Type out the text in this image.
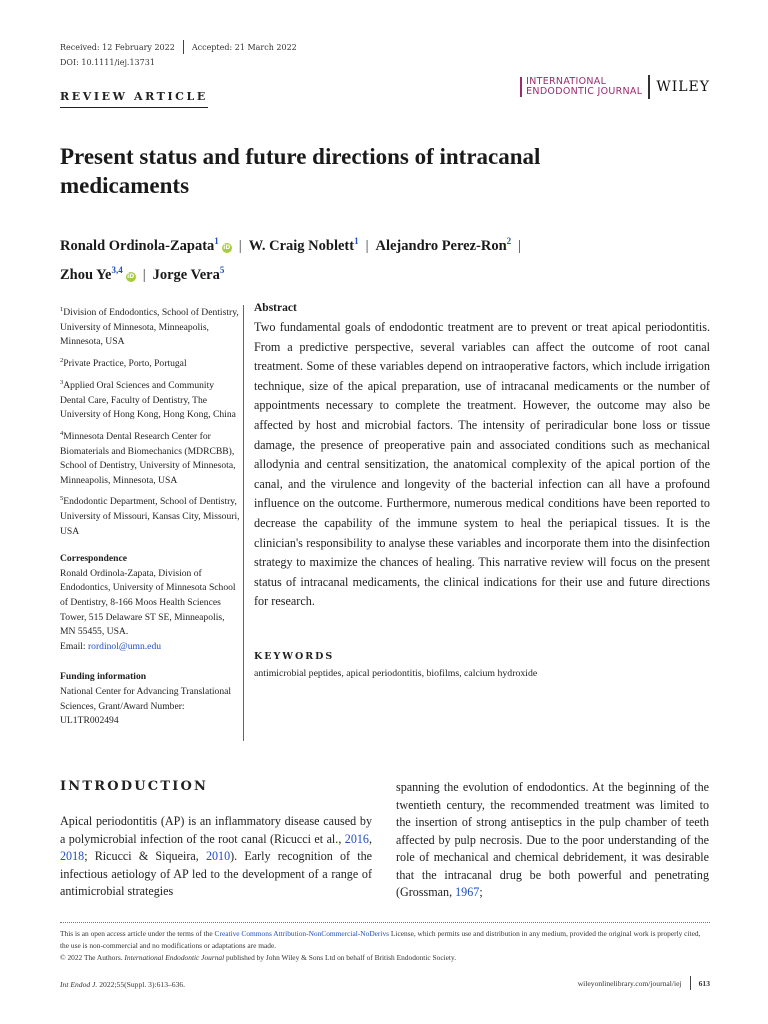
Received: 12 February 2022 Accepted: 21 March 2022
DOI: 10.1111/iej.13731
REVIEW ARTICLE
INTERNATIONAL
ENDODONTIC JOURNAL WILEY
Present status and future directions of intracanal medicaments
Ronald Ordinola-Zapata$^1$iD | W. Craig Noblett$^1$ | Alejandro Perez-Ron$^2$ |
Zhou Ye$^{3,4}$iD | Jorge Vera$^5$
$^1$Division of Endodontics, School of Dentistry, University of Minnesota, Minneapolis, Minnesota, USA
$^2$Private Practice, Porto, Portugal
$^3$Applied Oral Sciences and Community Dental Care, Faculty of Dentistry, The University of Hong Kong, Hong Kong, China
$^4$Minnesota Dental Research Center for Biomaterials and Biomechanics (MDRCBB), School of Dentistry, University of Minnesota, Minneapolis, Minnesota, USA
$^5$Endodontic Department, School of Dentistry, University of Missouri, Kansas City, Missouri, USA
Correspondence
Ronald Ordinola-Zapata, Division of Endodontics, University of Minnesota School of Dentistry, 8-166 Moos Health Sciences Tower, 515 Delaware ST SE, Minneapolis, MN 55455, USA.
Email: rordinol@umn.edu
Funding information
National Center for Advancing Translational Sciences, Grant/Award Number: UL1TR002494
Abstract
Two fundamental goals of endodontic treatment are to prevent or treat apical periodontitis. From a predictive perspective, several variables can affect the outcome of root canal treatment. Some of these variables depend on intraoperative factors, which include irrigation technique, size of the apical preparation, use of intracanal medicaments or the number of appointments necessary to complete the treatment. However, the outcome may also be affected by host and microbial factors. The intensity of periradicular bone loss or tissue damage, the presence of preoperative pain and associated conditions such as mechanical allodynia and central sensitization, the anatomical complexity of the apical portion of the canal, and the virulence and longevity of the bacterial infection can all have a profound influence on the outcome. Furthermore, numerous medical conditions have been reported to decrease the capability of the immune system to heal the periapical tissues. It is the clinician's responsibility to analyse these variables and incorporate them into the disinfection strategy to maximize the chances of healing. This narrative review will focus on the present status of intracanal medicaments, the clinical indications for their use and future directions for research.
KEYWORDS
antimicrobial peptides, apical periodontitis, biofilms, calcium hydroxide
INTRODUCTION
Apical periodontitis (AP) is an inflammatory disease caused by a polymicrobial infection of the root canal (Ricucci et al., 2016, 2018; Ricucci & Siqueira, 2010). Early recognition of the infectious aetiology of AP led to the development of a range of antimicrobial strategies
spanning the evolution of endodontics. At the beginning of the twentieth century, the recommended treatment was limited to the insertion of strong antiseptics in the pulp chamber of teeth affected by pulp necrosis. Due to the poor understanding of the role of mechanical and chemical debridement, it was desirable that the intracanal drug be both powerful and penetrating (Grossman, 1967;
This is an open access article under the terms of the Creative Commons Attribution-NonCommercial-NoDerivs License, which permits use and distribution in any medium, provided the original work is properly cited, the use is non-commercial and no modifications or adaptations are made.
© 2022 The Authors. International Endodontic Journal published by John Wiley & Sons Ltd on behalf of British Endodontic Society.
Int Endod J. 2022;55(Suppl. 3):613–636.	wileyonlinelibrary.com/journal/iej 613
